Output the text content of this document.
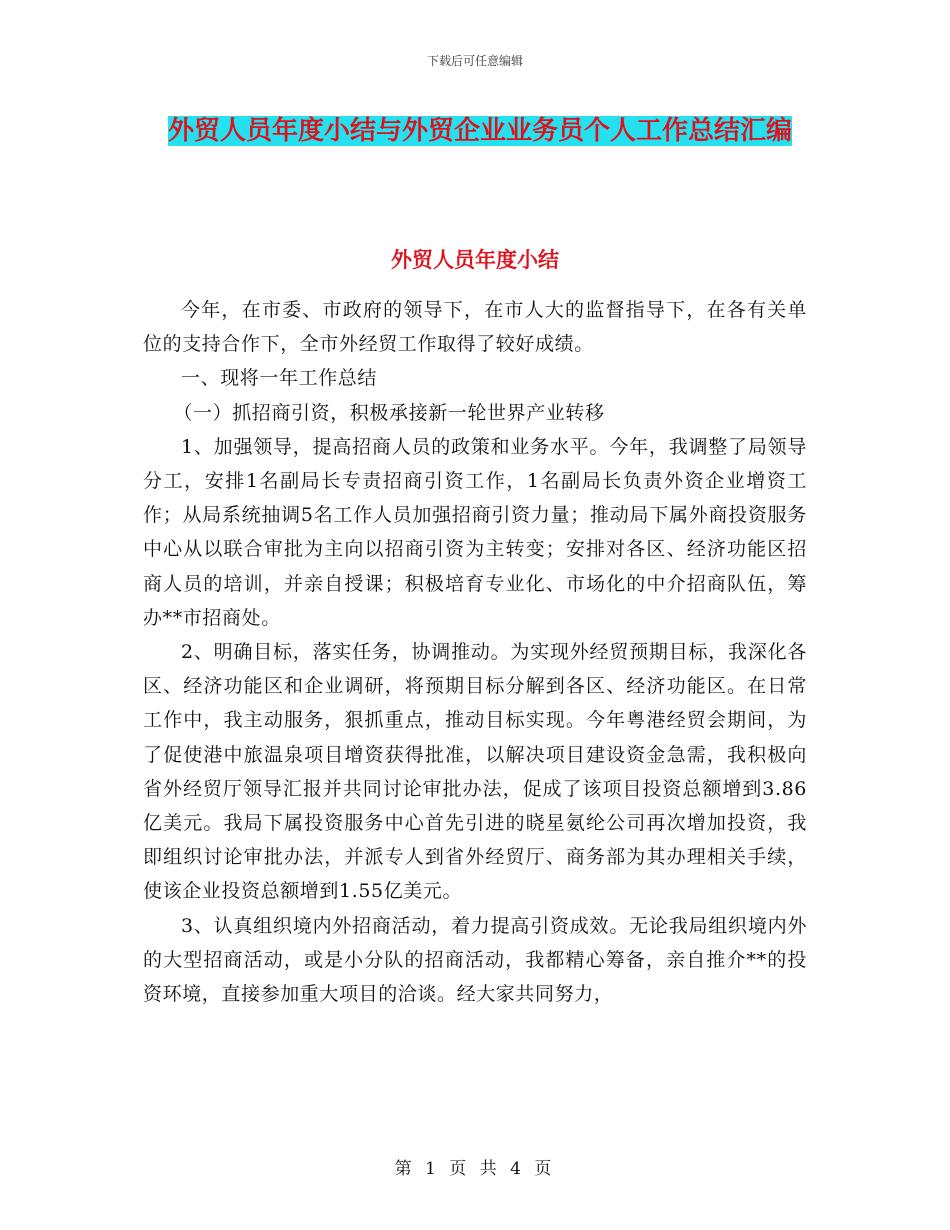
下载后可任意编辑
外贸人员年度小结与外贸企业业务员个人工作总结汇编
外贸人员年度小结

今年，在市委、市政府的领导下，在市人大的监督指导下，在各有关单位的支持合作下，全市外经贸工作取得了较好成绩。

一、现将一年工作总结

（一）抓招商引资，积极承接新一轮世界产业转移

1、加强领导，提高招商人员的政策和业务水平。今年，我调整了局领导分工，安排1名副局长专责招商引资工作，1名副局长负责外资企业增资工作；从局系统抽调5名工作人员加强招商引资力量；推动局下属外商投资服务中心从以联合审批为主向以招商引资为主转变；安排对各区、经济功能区招商人员的培训，并亲自授课；积极培育专业化、市场化的中介招商队伍，筹办**市招商处。

2、明确目标，落实任务，协调推动。为实现外经贸预期目标，我深化各区、经济功能区和企业调研，将预期目标分解到各区、经济功能区。在日常工作中，我主动服务，狠抓重点，推动目标实现。今年粤港经贸会期间，为了促使港中旅温泉项目增资获得批准，以解决项目建设资金急需，我积极向省外经贸厅领导汇报并共同讨论审批办法，促成了该项目投资总额增到3.86亿美元。我局下属投资服务中心首先引进的晓星氨纶公司再次增加投资，我即组织讨论审批办法，并派专人到省外经贸厅、商务部为其办理相关手续，使该企业投资总额增到1.55亿美元。

3、认真组织境内外招商活动，着力提高引资成效。无论我局组织境内外的大型招商活动，或是小分队的招商活动，我都精心筹备，亲自推介**的投资环境，直接参加重大项目的洽谈。经大家共同努力，

第 1 页 共 4 页
